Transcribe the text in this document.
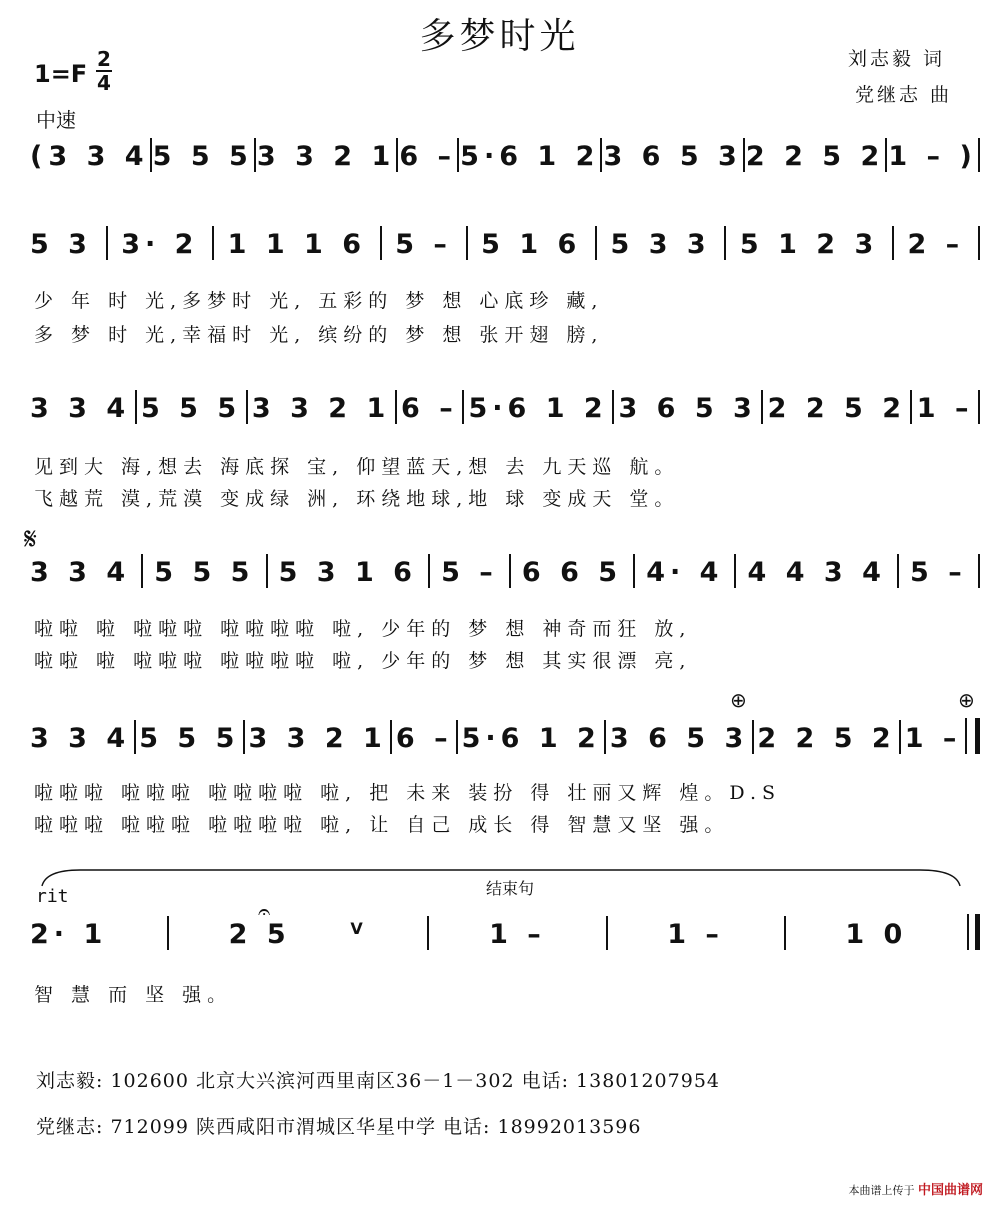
多梦时光
刘志毅 词
党继志 曲
1=F
2
4
中速
( 3 3 4 5 5 5 3 3 2 1 6 – 5·6 1 2 3 6 5 3 2 2 5 2 1 – )
5 3 3· 2 1 1 1 6 5 – 5 1 6 5 3 3 5 1 2 3 2 –
少 年 时 光,多梦时 光, 五彩的 梦 想 心底珍 藏,
多 梦 时 光,幸福时 光, 缤纷的 梦 想 张开翅 膀,
3 3 4 5 5 5 3 3 2 1 6 – 5·6 1 2 3 6 5 3 2 2 5 2 1 –
见到大 海,想去 海底探 宝, 仰望蓝天,想 去 九天巡 航。
飞越荒 漠,荒漠 变成绿 洲, 环绕地球,地 球 变成天 堂。
𝄋
3 3 4 5 5 5 5 3 1 6 5 – 6 6 5 4· 4 4 4 3 4 5 –
啦啦 啦 啦啦啦 啦啦啦啦 啦, 少年的 梦 想 神奇而狂 放,
啦啦 啦 啦啦啦 啦啦啦啦 啦, 少年的 梦 想 其实很漂 亮,
⊕	⊕
3 3 4 5 5 5 3 3 2 1 6 – 5·6 1 2 3 6 5 3 2 2 5 2 1 –
啦啦啦 啦啦啦 啦啦啦啦 啦, 把 未来 装扮 得 壮丽又辉 煌。D.S
啦啦啦 啦啦啦 啦啦啦啦 啦, 让 自己 成长 得 智慧又坚 强。
结束句
rit
𝄐
2· 1	2 5	V	1 –	1 –	1 0
智 慧 而 坚 强。
刘志毅: 102600 北京大兴滨河西里南区36－1－302 电话: 13801207954
党继志: 712099 陕西咸阳市渭城区华星中学 电话: 18992013596
本曲谱上传于 中国曲谱网
